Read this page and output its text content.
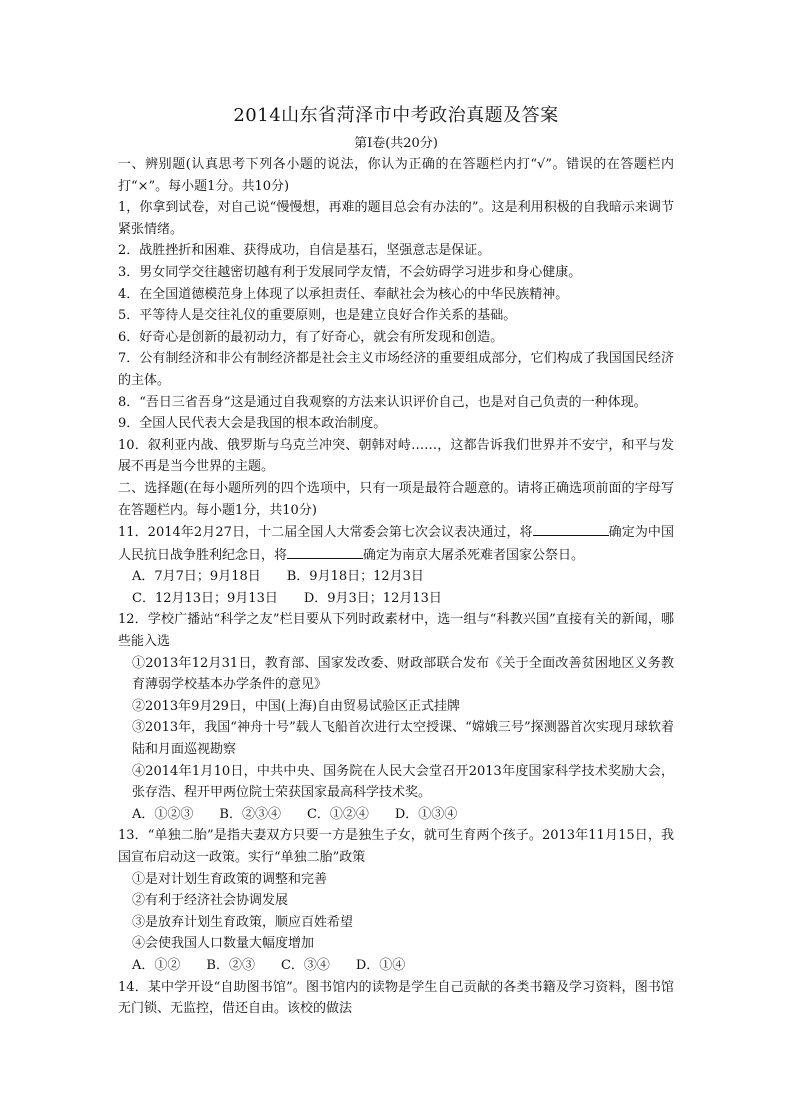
2014山东省菏泽市中考政治真题及答案
第Ⅰ卷(共20分)

一、辨别题(认真思考下列各小题的说法，你认为正确的在答题栏内打“√”。错误的在答题栏内打“×”。每小题1分。共10分)

1，你拿到试卷，对自己说“慢慢想，再难的题目总会有办法的”。这是利用积极的自我暗示来调节紧张情绪。

2．战胜挫折和困难、获得成功，自信是基石，坚强意志是保证。

3．男女同学交往越密切越有利于发展同学友情，不会妨碍学习进步和身心健康。

4．在全国道德模范身上体现了以承担责任、奉献社会为核心的中华民族精神。

5．平等待人是交往礼仪的重要原则，也是建立良好合作关系的基础。

6．好奇心是创新的最初动力，有了好奇心，就会有所发现和创造。

7．公有制经济和非公有制经济都是社会主义市场经济的重要组成部分，它们构成了我国国民经济的主体。

8．“吾日三省吾身”这是通过自我观察的方法来认识评价自己，也是对自己负责的一种体现。

9．全国人民代表大会是我国的根本政治制度。

10．叙利亚内战、俄罗斯与乌克兰冲突、朝韩对峙……，这都告诉我们世界并不安宁，和平与发展不再是当今世界的主题。

二、选择题(在每小题所列的四个选项中，只有一项是最符合题意的。请将正确选项前面的字母写在答题栏内。每小题1分，共10分)

11．2014年2月27日，十二届全国人大常委会第七次会议表决通过，将	确定为中国人民抗日战争胜利纪念日，将	确定为南京大屠杀死难者国家公祭日。

A．7月7日；9月18日　　B．9月18日；12月3日

C．12月13日；9月13日　　D．9月3日；12月13日

12．学校广播站“科学之友”栏目要从下列时政素材中，选一组与“科教兴国”直接有关的新闻，哪些能入选

①2013年12月31日，教育部、国家发改委、财政部联合发布《关于全面改善贫困地区义务教育薄弱学校基本办学条件的意见》

②2013年9月29日，中国(上海)自由贸易试验区正式挂牌

③2013年，我国“神舟十号”载人飞船首次进行太空授课、“嫦娥三号”探测器首次实现月球软着陆和月面巡视勘察

④2014年1月10日，中共中央、国务院在人民大会堂召开2013年度国家科学技术奖励大会，张存浩、程开甲两位院士荣获国家最高科学技术奖。

A．①②③　　B．②③④　　C．①②④　　D．①③④

13．“单独二胎”是指夫妻双方只要一方是独生子女，就可生育两个孩子。2013年11月15日，我国宣布启动这一政策。实行“单独二胎”政策

①是对计划生育政策的调整和完善

②有利于经济社会协调发展

③是放弃计划生育政策，顺应百姓希望

④会使我国人口数量大幅度增加

A．①②　　B．②③　　C．③④　　D．①④

14．某中学开设“自助图书馆”。图书馆内的读物是学生自己贡献的各类书籍及学习资料，图书馆无门锁、无监控，借还自由。该校的做法
